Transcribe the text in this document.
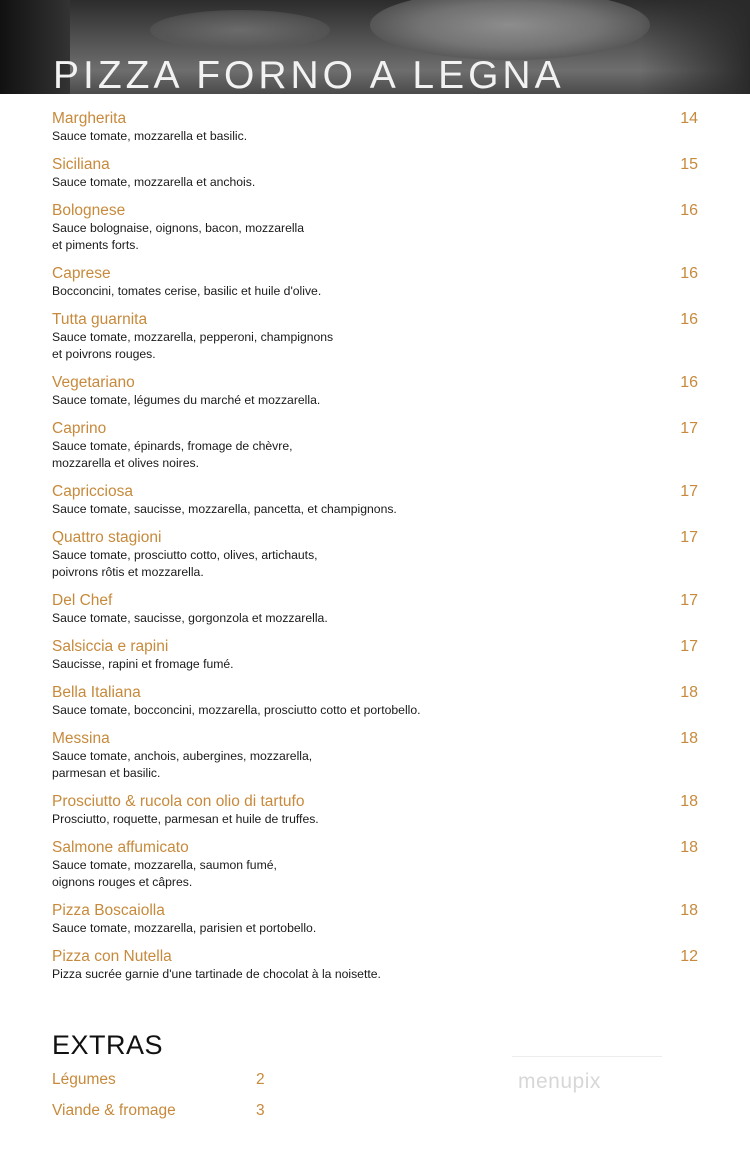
PIZZA FORNO A LEGNA
Margherita	14
Sauce tomate, mozzarella et basilic.
Siciliana	15
Sauce tomate, mozzarella et anchois.
Bolognese	16
Sauce bolognaise, oignons, bacon, mozzarella
et piments forts.
Caprese	16
Bocconcini, tomates cerise, basilic et huile d'olive.
Tutta guarnita	16
Sauce tomate, mozzarella, pepperoni, champignons
et poivrons rouges.
Vegetariano	16
Sauce tomate, légumes du marché et mozzarella.
Caprino	17
Sauce tomate, épinards, fromage de chèvre,
mozzarella et olives noires.
Capricciosa	17
Sauce tomate, saucisse, mozzarella, pancetta, et champignons.
Quattro stagioni	17
Sauce tomate, prosciutto cotto, olives, artichauts,
poivrons rôtis et mozzarella.
Del Chef	17
Sauce tomate, saucisse, gorgonzola et mozzarella.
Salsiccia e rapini	17
Saucisse, rapini et fromage fumé.
Bella Italiana	18
Sauce tomate, bocconcini, mozzarella, prosciutto cotto et portobello.
Messina	18
Sauce tomate, anchois, aubergines, mozzarella,
parmesan et basilic.
Prosciutto & rucola con olio di tartufo	18
Prosciutto, roquette, parmesan et huile de truffes.
Salmone affumicato	18
Sauce tomate, mozzarella, saumon fumé,
oignons rouges et câpres.
Pizza Boscaiolla	18
Sauce tomate, mozzarella, parisien et portobello.
Pizza con Nutella	12
Pizza sucrée garnie d'une tartinade de chocolat à la noisette.
EXTRAS
Légumes	2
Viande & fromage	3
menupix
